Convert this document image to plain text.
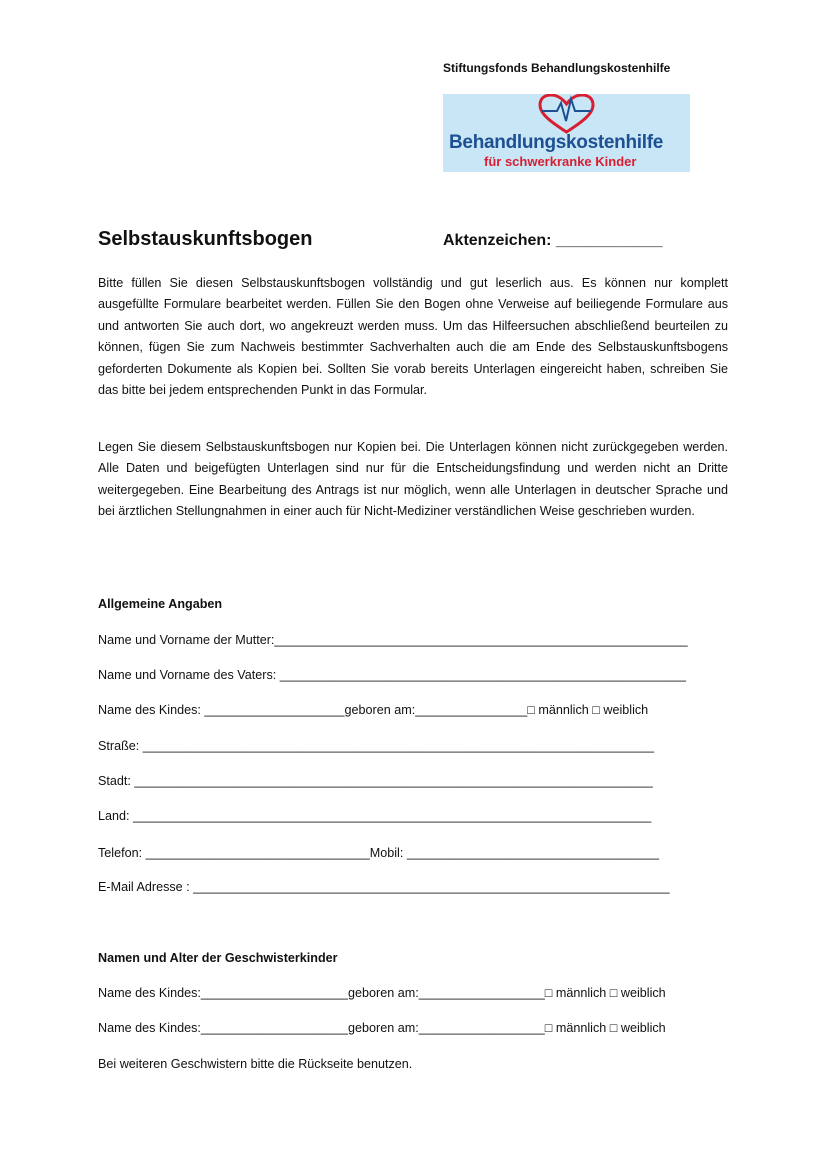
Stiftungsfonds Behandlungskostenhilfe
Behandlungskostenhilfe
für schwerkranke Kinder
Selbstauskunftsbogen	Aktenzeichen: ____________

Bitte füllen Sie diesen Selbstauskunftsbogen vollständig und gut leserlich aus. Es können nur komplett ausgefüllte Formulare bearbeitet werden. Füllen Sie den Bogen ohne Verweise auf beiliegende Formulare aus und antworten Sie auch dort, wo angekreuzt werden muss. Um das Hilfeersuchen abschließend beurteilen zu können, fügen Sie zum Nachweis bestimmter Sachverhalten auch die am Ende des Selbstauskunftsbogens geforderten Dokumente als Kopien bei. Sollten Sie vorab bereits Unterlagen eingereicht haben, schreiben Sie das bitte bei jedem entsprechenden Punkt in das Formular.

Legen Sie diesem Selbstauskunftsbogen nur Kopien bei. Die Unterlagen können nicht zurückgegeben werden. Alle Daten und beigefügten Unterlagen sind nur für die Entscheidungsfindung und werden nicht an Dritte weitergegeben. Eine Bearbeitung des Antrags ist nur möglich, wenn alle Unterlagen in deutscher Sprache und bei ärztlichen Stellungnahmen in einer auch für Nicht-Mediziner verständlichen Weise geschrieben wurden.

Allgemeine Angaben
Name und Vorname der Mutter:___________________________________________________________
Name und Vorname des Vaters: __________________________________________________________
Name des Kindes: ____________________geboren am:________________□ männlich □ weiblich
Straße: _________________________________________________________________________
Stadt: __________________________________________________________________________
Land: __________________________________________________________________________
Telefon: ________________________________Mobil: ____________________________________
E-Mail Adresse : ____________________________________________________________________
Namen und Alter der Geschwisterkinder
Name des Kindes:_____________________geboren am:__________________□ männlich □ weiblich
Name des Kindes:_____________________geboren am:__________________□ männlich □ weiblich
Bei weiteren Geschwistern bitte die Rückseite benutzen.
